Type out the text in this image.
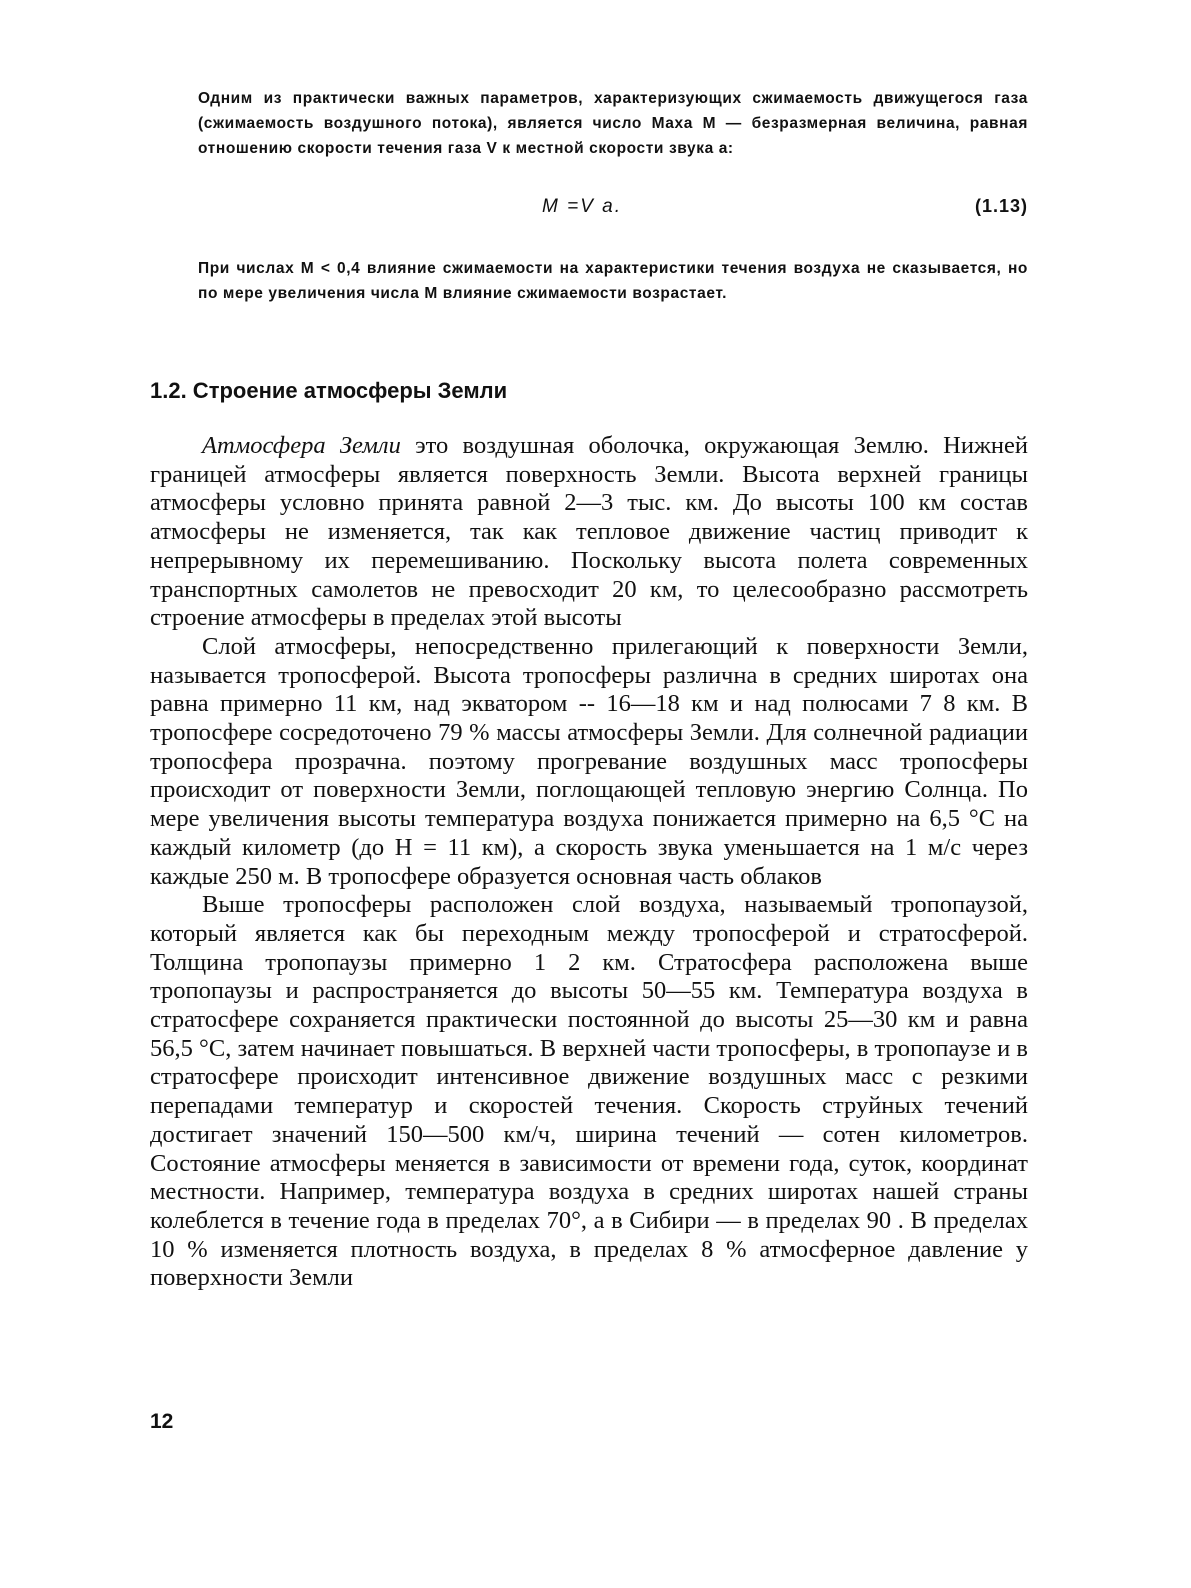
Одним из практически важных параметров, характеризующих сжимаемость движущегося газа (сжимаемость воздушного потока), является число Маха M — безразмерная величина, равная отношению скорости течения газа V к местной скорости звука a:

M =V a.	(1.13)

При числах M < 0,4 влияние сжимаемости на характеристики течения воздуха не сказывается, но по мере увеличения числа M влияние сжимаемости возрастает.

1.2. Строение атмосферы Земли

Атмосфера Земли это воздушная оболочка, окружающая Землю. Нижней границей атмосферы является поверхность Земли. Высота верхней границы атмосферы условно принята равной 2—3 тыс. км. До высоты 100 км состав атмосферы не изменяется, так как тепловое движение частиц приводит к непрерывному их перемешиванию. Поскольку высота полета современных транспортных самолетов не превосходит 20 км, то целесообразно рассмотреть строение атмосферы в пределах этой высоты

Слой атмосферы, непосредственно прилегающий к поверхности Земли, называется тропосферой. Высота тропосферы различна в средних широтах она равна примерно 11 км, над экватором -- 16—18 км и над полюсами 7 8 км. В тропосфере сосредоточено 79 % массы атмосферы Земли. Для солнечной радиации тропосфера прозрачна. поэтому прогревание воздушных масс тропосферы происходит от поверхности Земли, поглощающей тепловую энергию Солнца. По мере увеличения высоты температура воздуха понижается примерно на 6,5 °C на каждый километр (до H = 11 км), а скорость звука уменьшается на 1 м/с через каждые 250 м. В тропосфере образуется основная часть облаков

Выше тропосферы расположен слой воздуха, называемый тропопаузой, который является как бы переходным между тропосферой и стратосферой. Толщина тропопаузы примерно 1 2 км. Стратосфера расположена выше тропопаузы и распространяется до высоты 50—55 км. Температура воздуха в стратосфере сохраняется практически постоянной до высоты 25—30 км и равна 56,5 °C, затем начинает повышаться. В верхней части тропосферы, в тропопаузе и в стратосфере происходит интенсивное движение воздушных масс с резкими перепадами температур и скоростей течения. Скорость струйных течений достигает значений 150—500 км/ч, ширина течений — сотен километров. Состояние атмосферы меняется в зависимости от времени года, суток, координат местности. Например, температура воздуха в средних широтах нашей страны колеблется в течение года в пределах 70°, а в Сибири — в пределах 90 . В пределах 10 % изменяется плотность воздуха, в пределах 8 % атмосферное давление у поверхности Земли

12
